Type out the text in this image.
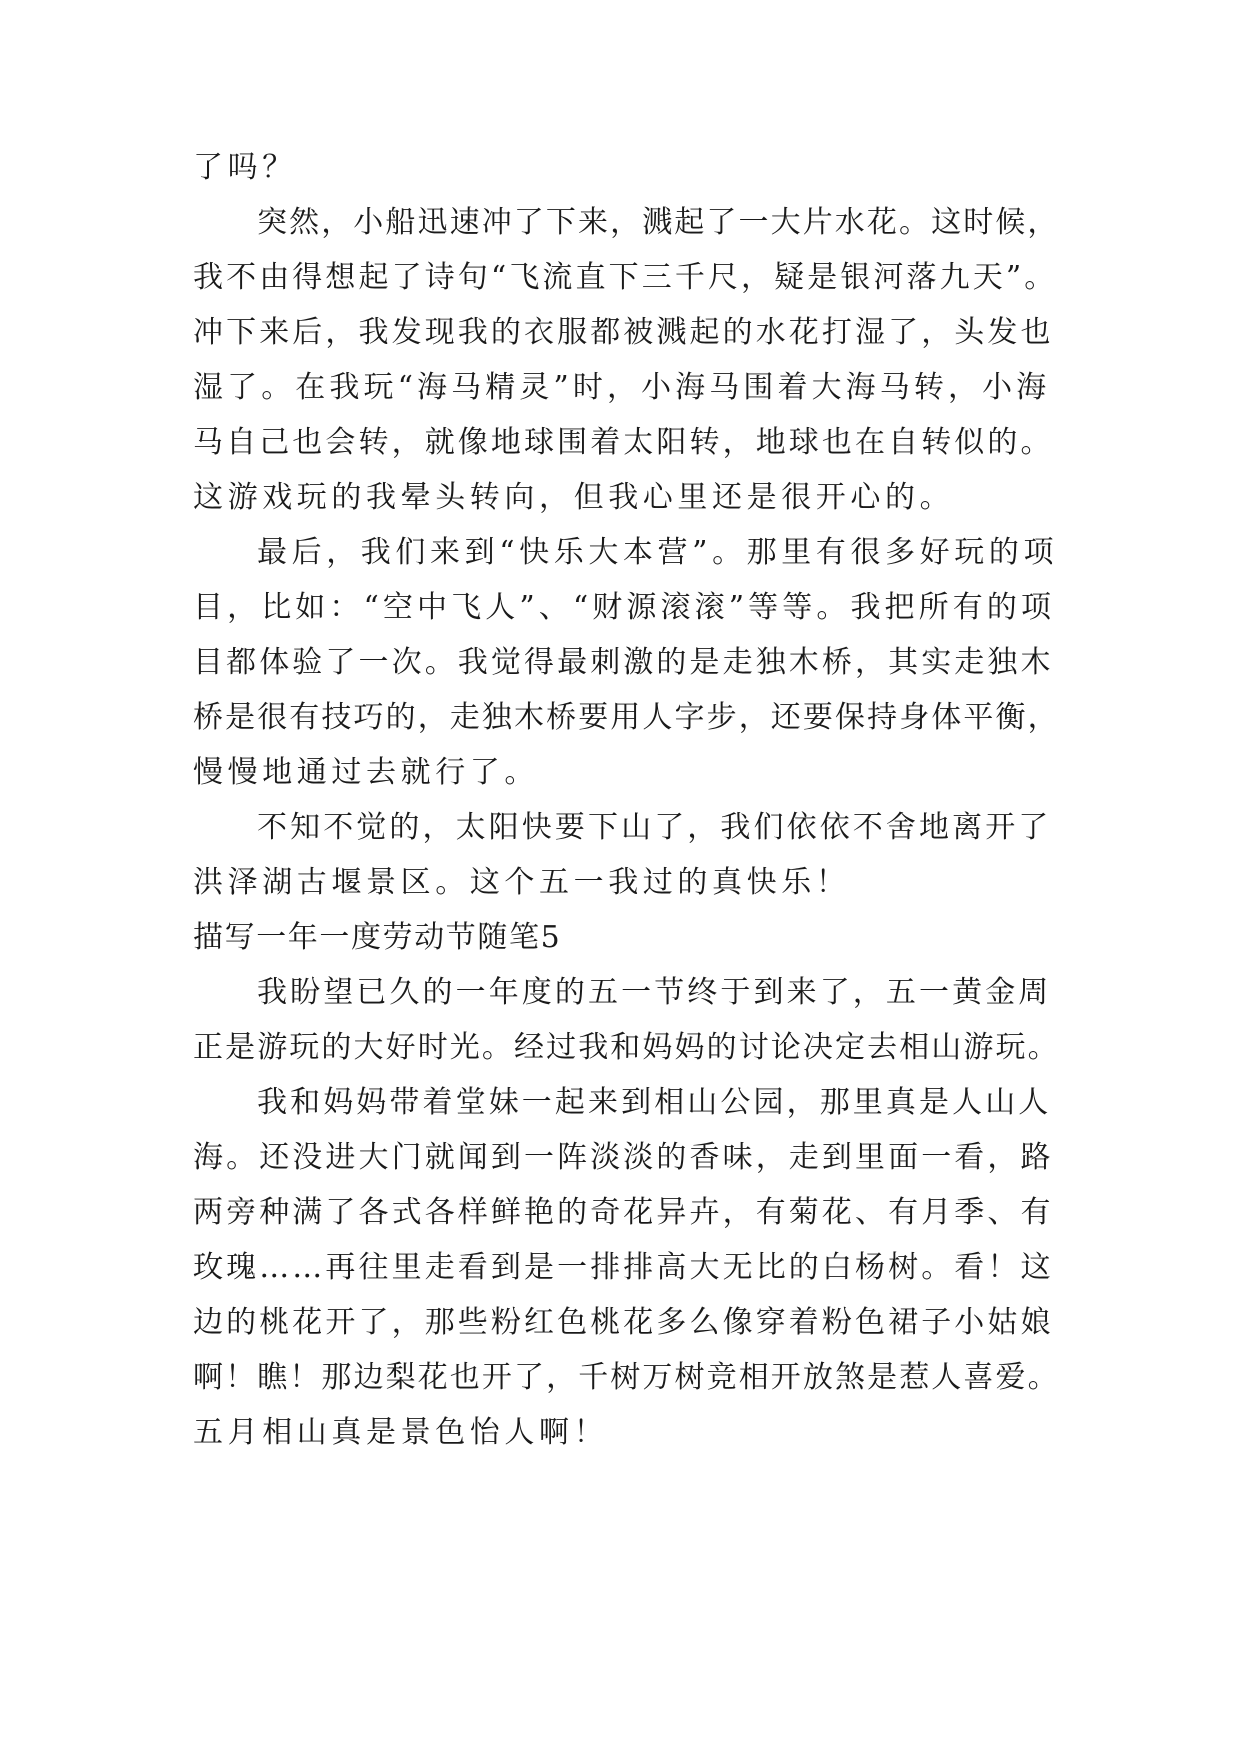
了吗？
突然，小船迅速冲了下来，溅起了一大片水花。这时候，
我不由得想起了诗句“飞流直下三千尺，疑是银河落九天”。
冲下来后，我发现我的衣服都被溅起的水花打湿了，头发也
湿了。在我玩“海马精灵”时，小海马围着大海马转，小海
马自己也会转，就像地球围着太阳转，地球也在自转似的。
这游戏玩的我晕头转向，但我心里还是很开心的。
最后，我们来到“快乐大本营”。那里有很多好玩的项
目，比如：“空中飞人”、“财源滚滚”等等。我把所有的项
目都体验了一次。我觉得最刺激的是走独木桥，其实走独木
桥是很有技巧的，走独木桥要用人字步，还要保持身体平衡，
慢慢地通过去就行了。
不知不觉的，太阳快要下山了，我们依依不舍地离开了
洪泽湖古堰景区。这个五一我过的真快乐！
描写一年一度劳动节随笔5
我盼望已久的一年度的五一节终于到来了，五一黄金周
正是游玩的大好时光。经过我和妈妈的讨论决定去相山游玩。
我和妈妈带着堂妹一起来到相山公园，那里真是人山人
海。还没进大门就闻到一阵淡淡的香味，走到里面一看，路
两旁种满了各式各样鲜艳的奇花异卉，有菊花、有月季、有
玫瑰……再往里走看到是一排排高大无比的白杨树。看！这
边的桃花开了，那些粉红色桃花多么像穿着粉色裙子小姑娘
啊！瞧！那边梨花也开了，千树万树竞相开放煞是惹人喜爱。
五月相山真是景色怡人啊！
